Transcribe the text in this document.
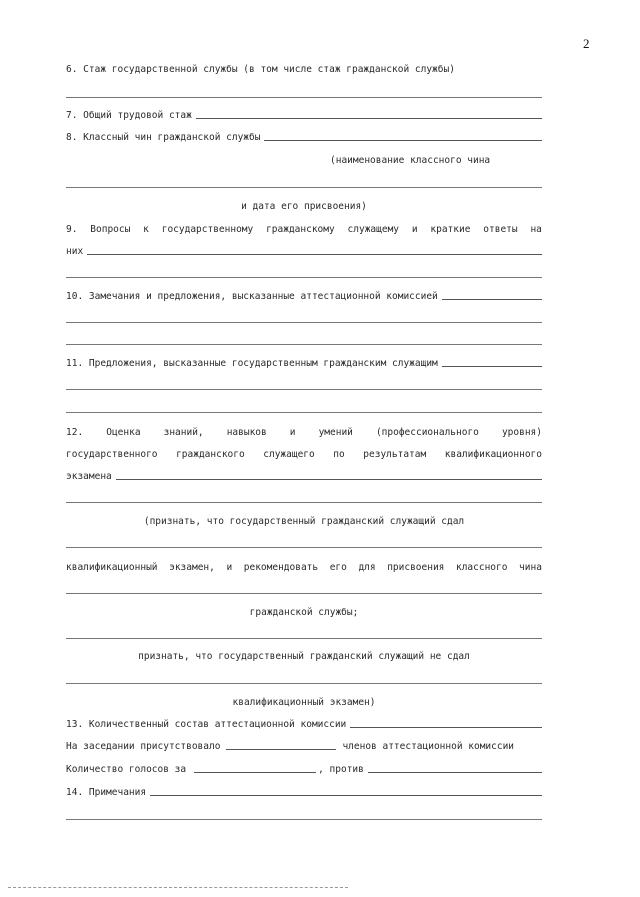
2
6. Стаж государственной службы (в том числе стаж гражданской службы)
7. Общий трудовой стаж
8. Классный чин гражданской службы
(наименование классного чина
и дата его присвоения)
9. Вопросы к государственному гражданскому служащему и краткие ответы на
них
10. Замечания и предложения, высказанные аттестационной комиссией
11. Предложения, высказанные государственным гражданским служащим
12. Оценка знаний, навыков и умений (профессионального уровня)
государственного гражданского служащего по результатам квалификационного
экзамена
(признать, что государственный гражданский служащий сдал
квалификационный экзамен, и рекомендовать его для присвоения классного чина
гражданской службы;
признать, что государственный гражданский служащий не сдал
квалификационный экзамен)
13. Количественный состав аттестационной комиссии
На заседании присутствовало	членов аттестационной комиссии
Количество голосов за	, против
14. Примечания
